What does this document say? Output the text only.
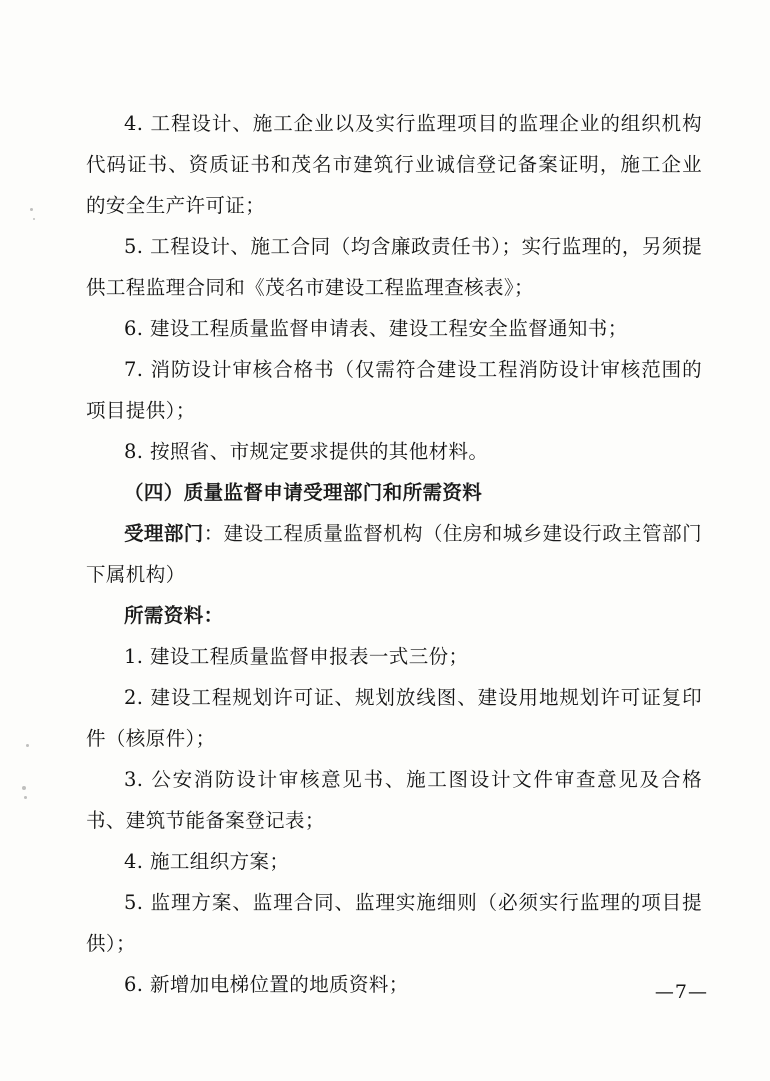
4. 工程设计、施工企业以及实行监理项目的监理企业的组织机构代码证书、资质证书和茂名市建筑行业诚信登记备案证明，施工企业的安全生产许可证；

5. 工程设计、施工合同（均含廉政责任书）；实行监理的，另须提供工程监理合同和《茂名市建设工程监理查核表》；

6. 建设工程质量监督申请表、建设工程安全监督通知书；

7. 消防设计审核合格书（仅需符合建设工程消防设计审核范围的项目提供）；

8. 按照省、市规定要求提供的其他材料。

（四）质量监督申请受理部门和所需资料

受理部门：建设工程质量监督机构（住房和城乡建设行政主管部门下属机构）

所需资料：

1. 建设工程质量监督申报表一式三份；

2. 建设工程规划许可证、规划放线图、建设用地规划许可证复印件（核原件）；

3. 公安消防设计审核意见书、施工图设计文件审查意见及合格书、建筑节能备案登记表；

4. 施工组织方案；

5. 监理方案、监理合同、监理实施细则（必须实行监理的项目提供）；

6. 新增加电梯位置的地质资料；	—7—
